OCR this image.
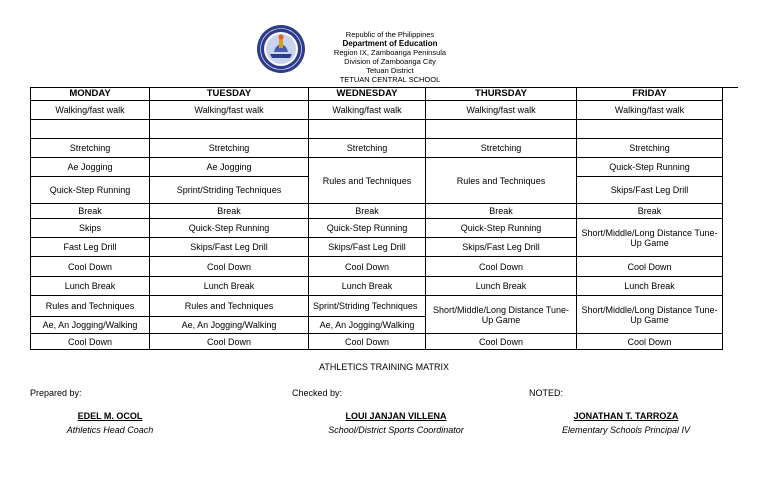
Republic of the Philippines
Department of Education
Region IX, Zamboanga Peninsula
Division of Zamboanga City
Tetuan District
TETUAN CENTRAL SCHOOL
MONDAY	TUESDAY	WEDNESDAY	THURSDAY	FRIDAY
Walking/fast walk	Walking/fast walk	Walking/fast walk	Walking/fast walk	Walking/fast walk

Stretching	Stretching	Stretching	Stretching	Stretching
Ae Jogging	Ae Jogging	Rules and Techniques	Rules and Techniques	Quick-Step Running
Quick-Step Running	Sprint/Striding Techniques			Skips/Fast Leg Drill
Break	Break	Break	Break	Break
Skips	Quick-Step Running	Quick-Step Running	Quick-Step Running	Short/Middle/Long Distance Tune-Up Game
Fast Leg Drill	Skips/Fast Leg Drill	Skips/Fast Leg Drill	Skips/Fast Leg Drill	
Cool Down	Cool Down	Cool Down	Cool Down	Cool Down
Lunch Break	Lunch Break	Lunch Break	Lunch Break	Lunch Break
Rules and Techniques	Rules and Techniques	Sprint/Striding Techniques	Short/Middle/Long Distance Tune-Up Game	Short/Middle/Long Distance Tune-Up Game
Ae, An Jogging/Walking	Ae, An Jogging/Walking	Ae, An Jogging/Walking		
Cool Down	Cool Down	Cool Down	Cool Down	Cool Down
ATHLETICS TRAINING MATRIX
Prepared by:	Checked by:	NOTED:
EDEL M. OCOL
Athletics Head Coach
LOUI JANJAN VILLENA
School/District Sports Coordinator
JONATHAN T. TARROZA
Elementary Schools Principal IV
